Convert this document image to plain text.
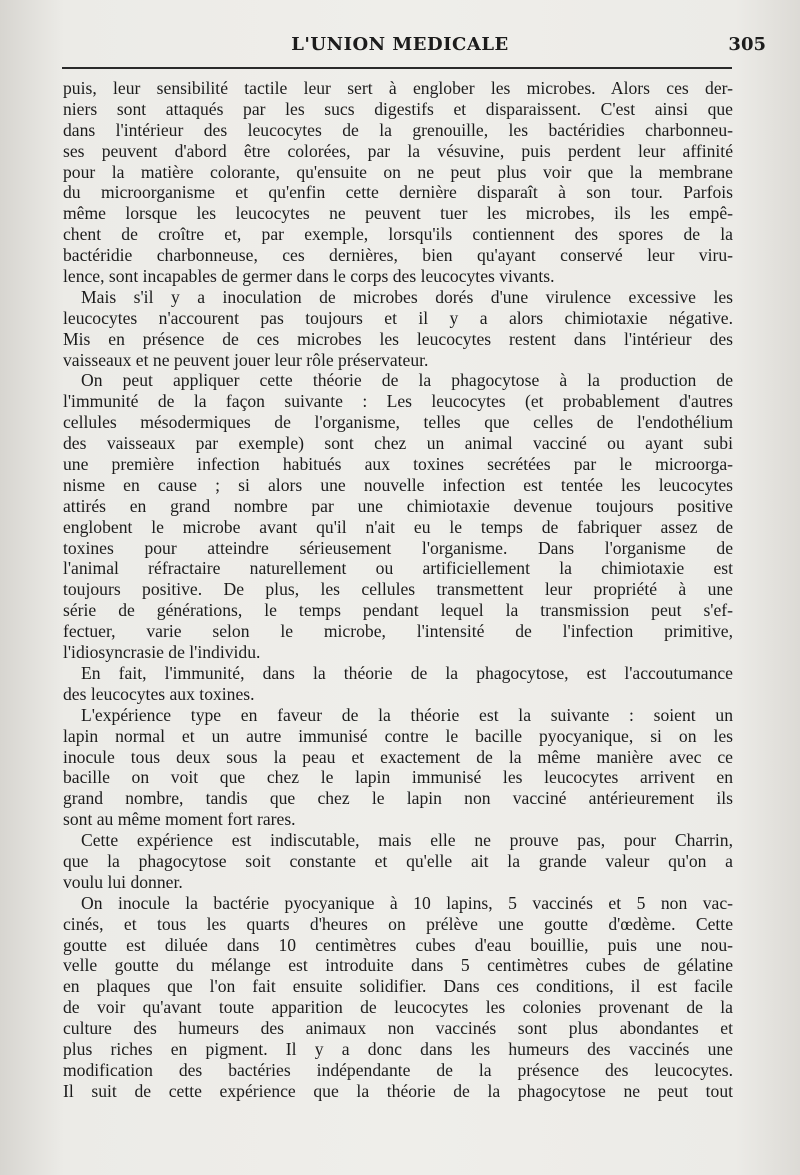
L'UNION MEDICALE	305
puis, leur sensibilité tactile leur sert à englober les microbes. Alors ces der-
niers sont attaqués par les sucs digestifs et disparaissent. C'est ainsi que
dans l'intérieur des leucocytes de la grenouille, les bactéridies charbonneu-
ses peuvent d'abord être colorées, par la vésuvine, puis perdent leur affinité
pour la matière colorante, qu'ensuite on ne peut plus voir que la membrane
du microorganisme et qu'enfin cette dernière disparaît à son tour. Parfois
même lorsque les leucocytes ne peuvent tuer les microbes, ils les empê-
chent de croître et, par exemple, lorsqu'ils contiennent des spores de la
bactéridie charbonneuse, ces dernières, bien qu'ayant conservé leur viru-
lence, sont incapables de germer dans le corps des leucocytes vivants.
Mais s'il y a inoculation de microbes dorés d'une virulence excessive les
leucocytes n'accourent pas toujours et il y a alors chimiotaxie négative.
Mis en présence de ces microbes les leucocytes restent dans l'intérieur des
vaisseaux et ne peuvent jouer leur rôle préservateur.
On peut appliquer cette théorie de la phagocytose à la production de
l'immunité de la façon suivante : Les leucocytes (et probablement d'autres
cellules mésodermiques de l'organisme, telles que celles de l'endothélium
des vaisseaux par exemple) sont chez un animal vacciné ou ayant subi
une première infection habitués aux toxines secrétées par le microorga-
nisme en cause ; si alors une nouvelle infection est tentée les leucocytes
attirés en grand nombre par une chimiotaxie devenue toujours positive
englobent le microbe avant qu'il n'ait eu le temps de fabriquer assez de
toxines pour atteindre sérieusement l'organisme. Dans l'organisme de
l'animal réfractaire naturellement ou artificiellement la chimiotaxie est
toujours positive. De plus, les cellules transmettent leur propriété à une
série de générations, le temps pendant lequel la transmission peut s'ef-
fectuer, varie selon le microbe, l'intensité de l'infection primitive,
l'idiosyncrasie de l'individu.
En fait, l'immunité, dans la théorie de la phagocytose, est l'accoutumance
des leucocytes aux toxines.
L'expérience type en faveur de la théorie est la suivante : soient un
lapin normal et un autre immunisé contre le bacille pyocyanique, si on les
inocule tous deux sous la peau et exactement de la même manière avec ce
bacille on voit que chez le lapin immunisé les leucocytes arrivent en
grand nombre, tandis que chez le lapin non vacciné antérieurement ils
sont au même moment fort rares.
Cette expérience est indiscutable, mais elle ne prouve pas, pour Charrin,
que la phagocytose soit constante et qu'elle ait la grande valeur qu'on a
voulu lui donner.
On inocule la bactérie pyocyanique à 10 lapins, 5 vaccinés et 5 non vac-
cinés, et tous les quarts d'heures on prélève une goutte d'œdème. Cette
goutte est diluée dans 10 centimètres cubes d'eau bouillie, puis une nou-
velle goutte du mélange est introduite dans 5 centimètres cubes de gélatine
en plaques que l'on fait ensuite solidifier. Dans ces conditions, il est facile
de voir qu'avant toute apparition de leucocytes les colonies provenant de la
culture des humeurs des animaux non vaccinés sont plus abondantes et
plus riches en pigment. Il y a donc dans les humeurs des vaccinés une
modification des bactéries indépendante de la présence des leucocytes.
Il suit de cette expérience que la théorie de la phagocytose ne peut tout
